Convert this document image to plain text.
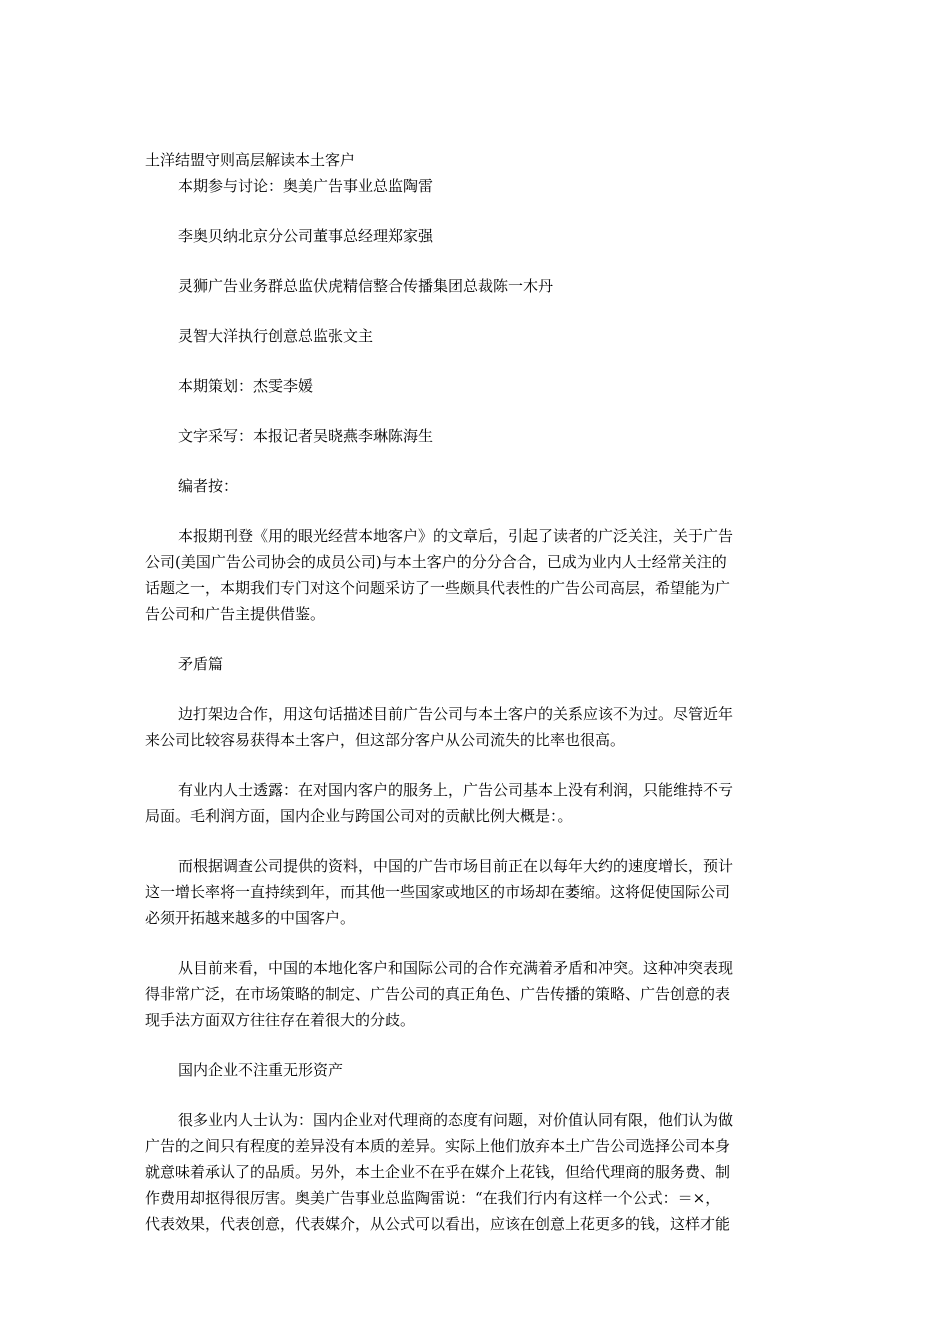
土洋结盟守则高层解读本土客户
本期参与讨论：奥美广告事业总监陶雷
李奥贝纳北京分公司董事总经理郑家强
灵狮广告业务群总监伏虎精信整合传播集团总裁陈一木丹
灵智大洋执行创意总监张文主
本期策划：杰雯李媛
文字采写：本报记者吴晓燕李琳陈海生
编者按：
本报期刊登《用的眼光经营本地客户》的文章后，引起了读者的广泛关注，关于广告
公司(美国广告公司协会的成员公司)与本土客户的分分合合，已成为业内人士经常关注的
话题之一，本期我们专门对这个问题采访了一些颇具代表性的广告公司高层，希望能为广
告公司和广告主提供借鉴。
矛盾篇
边打架边合作，用这句话描述目前广告公司与本土客户的关系应该不为过。尽管近年
来公司比较容易获得本土客户，但这部分客户从公司流失的比率也很高。
有业内人士透露：在对国内客户的服务上，广告公司基本上没有利润，只能维持不亏
局面。毛利润方面，国内企业与跨国公司对的贡献比例大概是：。
而根据调查公司提供的资料，中国的广告市场目前正在以每年大约的速度增长，预计
这一增长率将一直持续到年，而其他一些国家或地区的市场却在萎缩。这将促使国际公司
必须开拓越来越多的中国客户。
从目前来看，中国的本地化客户和国际公司的合作充满着矛盾和冲突。这种冲突表现
得非常广泛，在市场策略的制定、广告公司的真正角色、广告传播的策略、广告创意的表
现手法方面双方往往存在着很大的分歧。
国内企业不注重无形资产
很多业内人士认为：国内企业对代理商的态度有问题，对价值认同有限，他们认为做
广告的之间只有程度的差异没有本质的差异。实际上他们放弃本土广告公司选择公司本身
就意味着承认了的品质。另外，本土企业不在乎在媒介上花钱，但给代理商的服务费、制
作费用却抠得很厉害。奥美广告事业总监陶雷说：“在我们行内有这样一个公式：＝×，
代表效果，代表创意，代表媒介，从公式可以看出，应该在创意上花更多的钱，这样才能
